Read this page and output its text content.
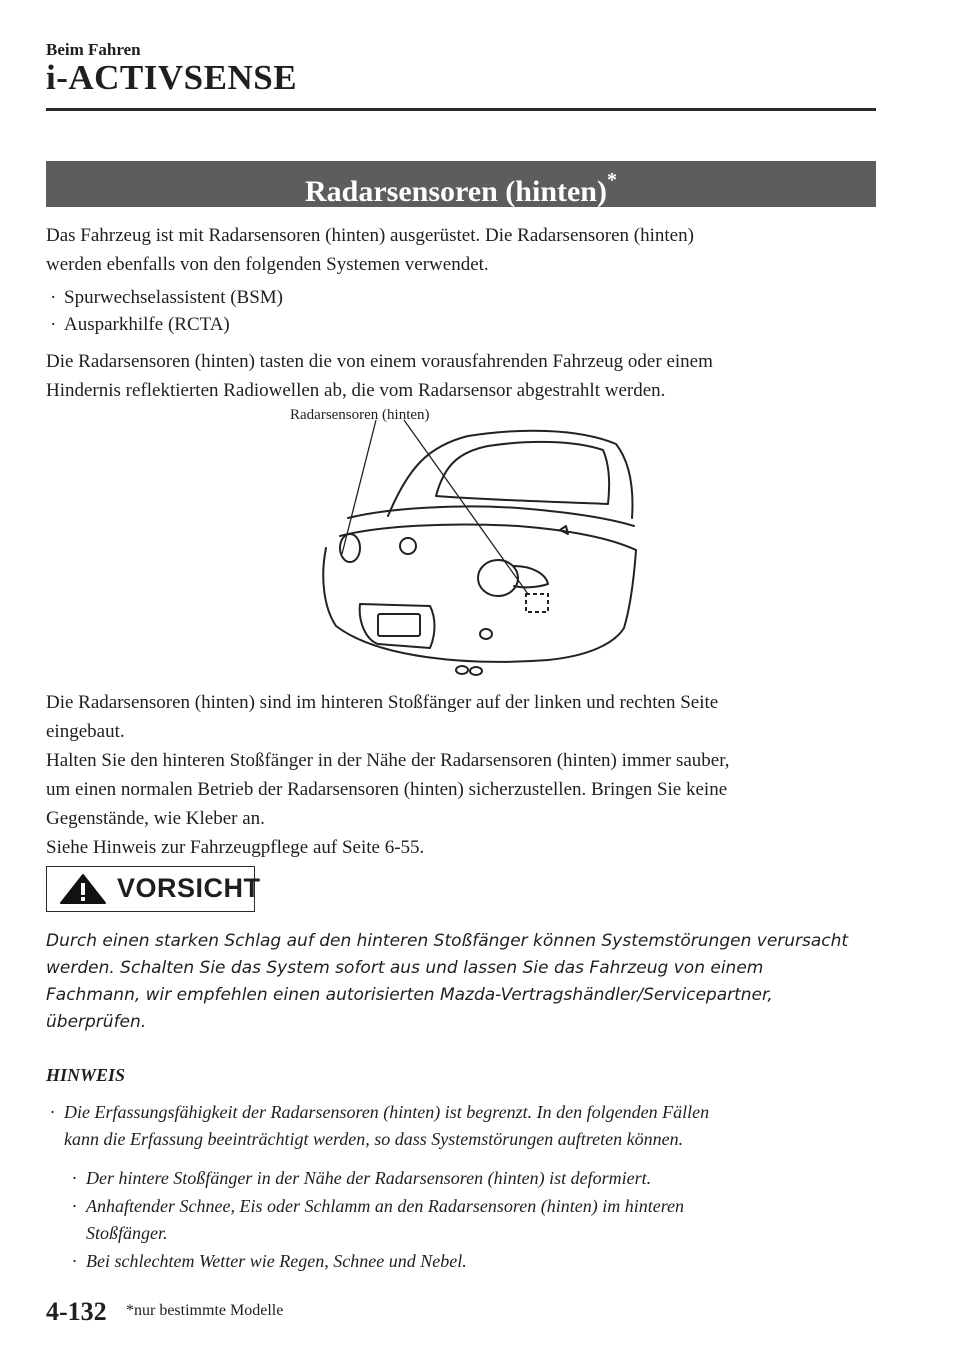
Beim Fahren
i-ACTIVSENSE
Radarsensoren (hinten)*

Das Fahrzeug ist mit Radarsensoren (hinten) ausgerüstet. Die Radarsensoren (hinten)
werden ebenfalls von den folgenden Systemen verwendet.

· Spurwechselassistent (BSM)
· Ausparkhilfe (RCTA)

Die Radarsensoren (hinten) tasten die von einem vorausfahrenden Fahrzeug oder einem
Hindernis reflektierten Radiowellen ab, die vom Radarsensor abgestrahlt werden.

Radarsensoren (hinten)

Die Radarsensoren (hinten) sind im hinteren Stoßfänger auf der linken und rechten Seite
eingebaut.
Halten Sie den hinteren Stoßfänger in der Nähe der Radarsensoren (hinten) immer sauber,
um einen normalen Betrieb der Radarsensoren (hinten) sicherzustellen. Bringen Sie keine
Gegenstände, wie Kleber an.
Siehe Hinweis zur Fahrzeugpflege auf Seite 6-55.

VORSICHT

Durch einen starken Schlag auf den hinteren Stoßfänger können Systemstörungen verursacht
werden. Schalten Sie das System sofort aus und lassen Sie das Fahrzeug von einem
Fachmann, wir empfehlen einen autorisierten Mazda-Vertragshändler/Servicepartner,
überprüfen.

HINWEIS
· Die Erfassungsfähigkeit der Radarsensoren (hinten) ist begrenzt. In den folgenden Fällen
kann die Erfassung beeinträchtigt werden, so dass Systemstörungen auftreten können.
· Der hintere Stoßfänger in der Nähe der Radarsensoren (hinten) ist deformiert.
· Anhaftender Schnee, Eis oder Schlamm an den Radarsensoren (hinten) im hinteren
Stoßfänger.
· Bei schlechtem Wetter wie Regen, Schnee und Nebel.
4-132 *nur bestimmte Modelle
